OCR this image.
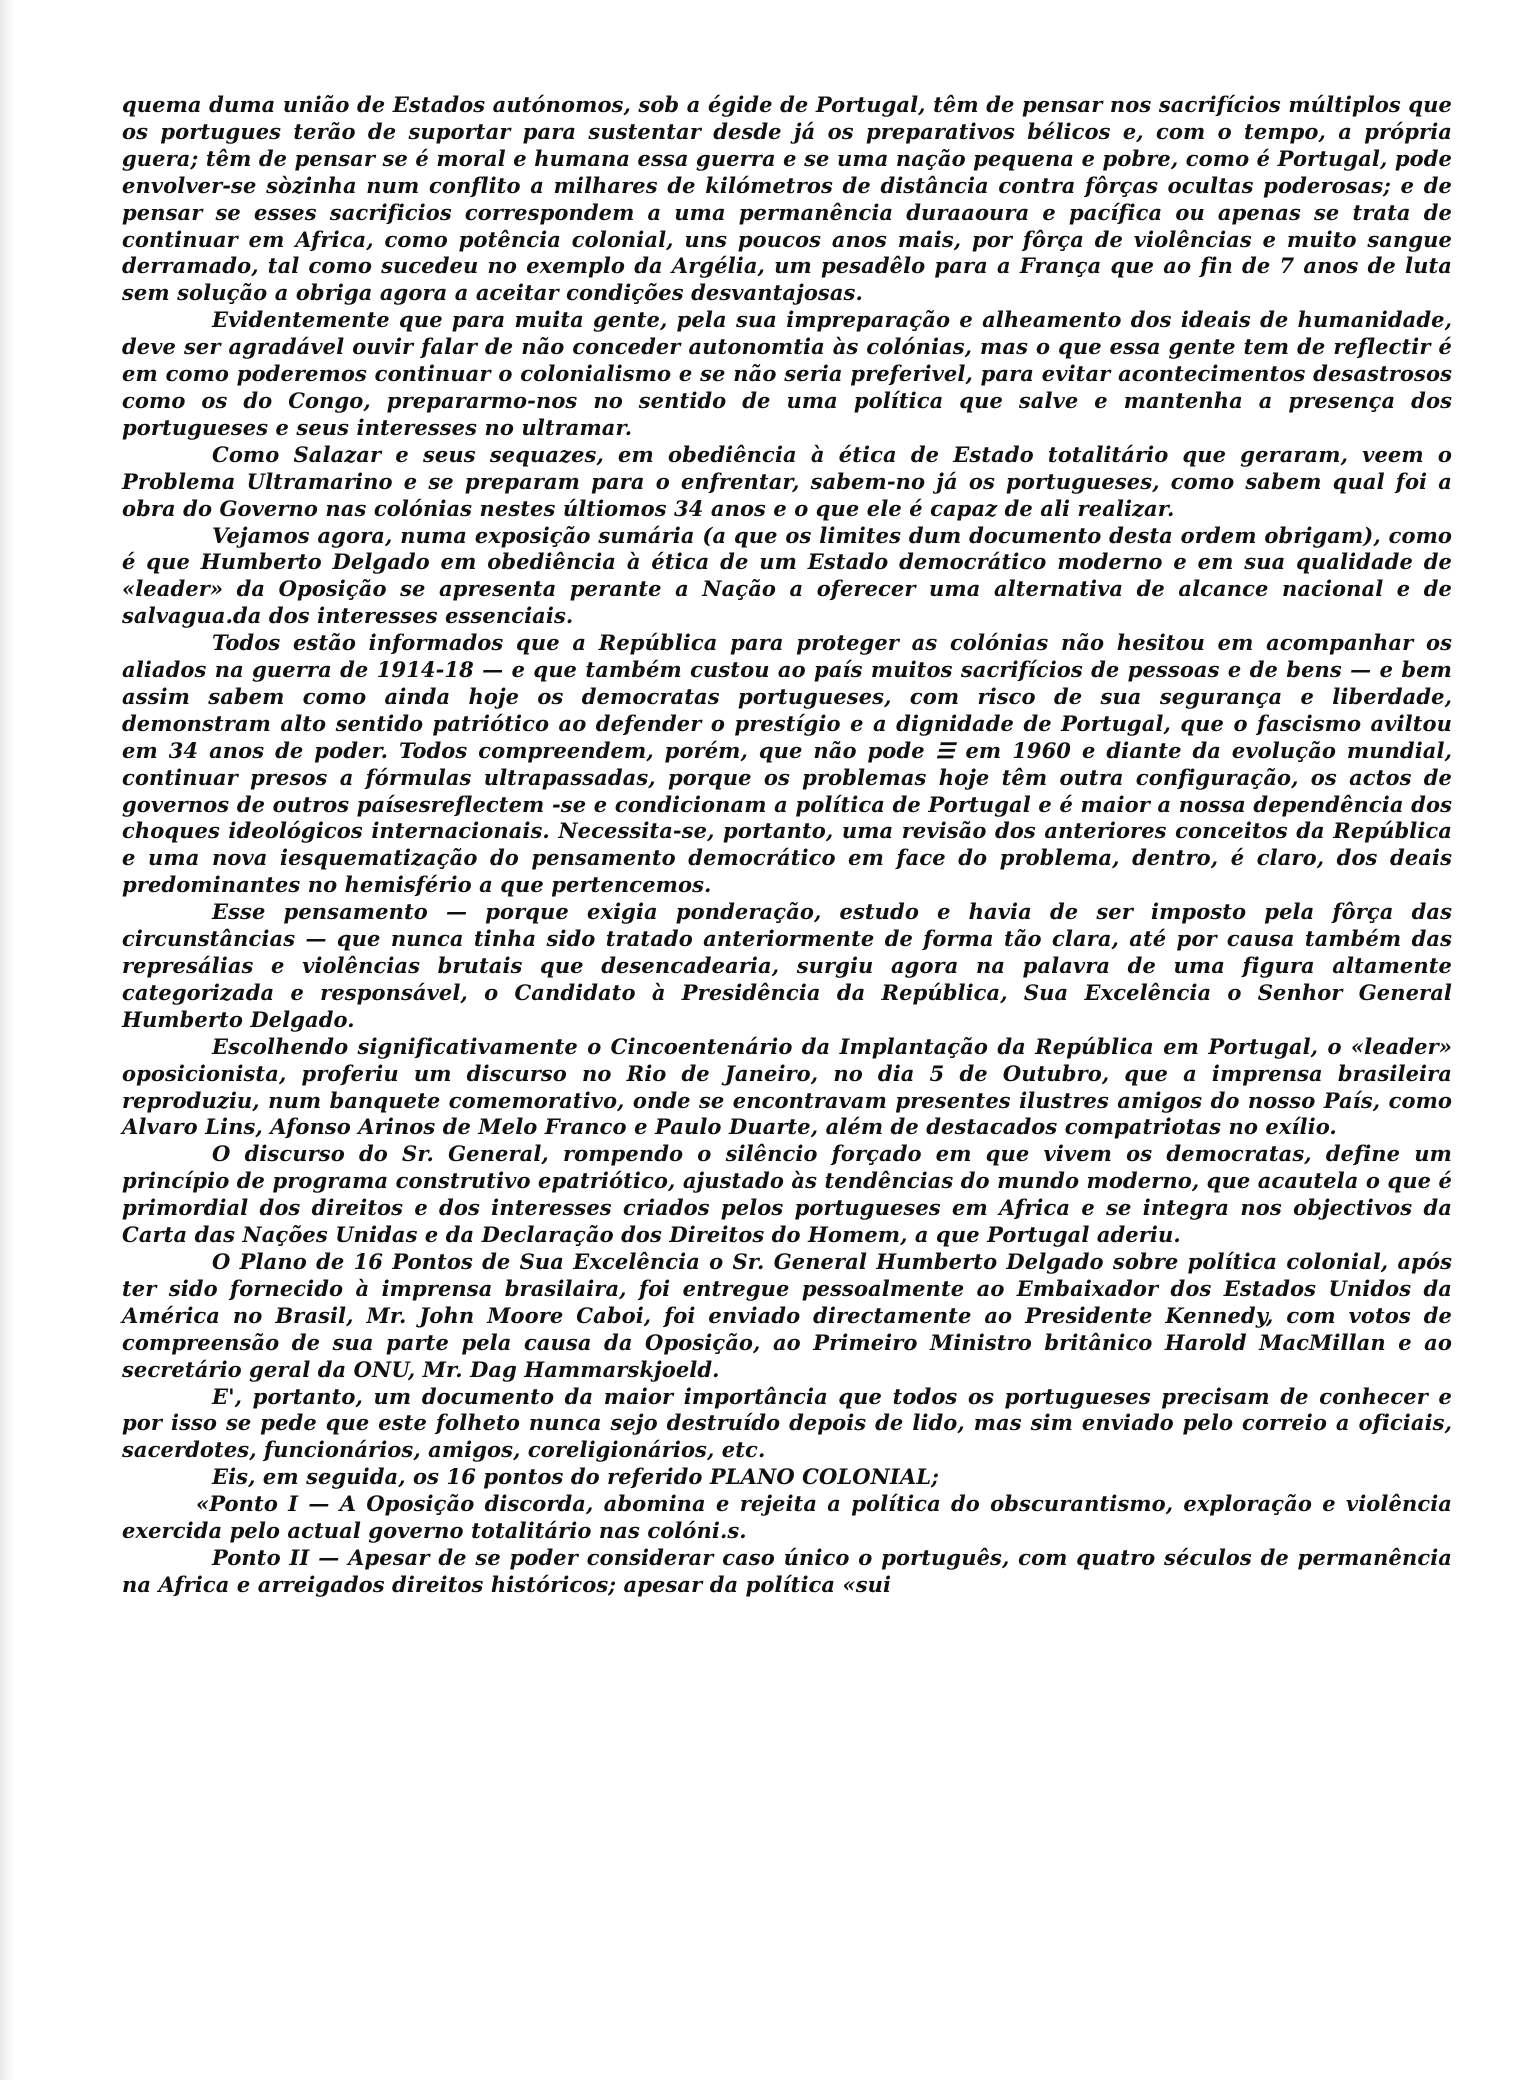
quema duma união de Estados autónomos, sob a égide de Portugal, têm de pensar nos sacrifícios múltiplos que os portugues terão de suportar para sustentar desde já os preparativos bélicos e, com o tempo, a própria guera; têm de pensar se é moral e humana essa guerra e se uma nação pequena e pobre, como é Portugal, pode envolver-se sòzinha num conflito a milhares de kilómetros de distância contra fôrças ocultas poderosas; e de pensar se esses sacrificios correspondem a uma permanência duraaoura e pacífica ou apenas se trata de continuar em Africa, como potência colonial, uns poucos anos mais, por fôrça de violências e muito sangue derramado, tal como sucedeu no exemplo da Argélia, um pesadêlo para a França que ao fin de 7 anos de luta sem solução a obriga agora a aceitar condições desvantajosas.

Evidentemente que para muita gente, pela sua impreparação e alheamento dos ideais de humanidade, deve ser agradável ouvir falar de não conceder autonomtia às colónias, mas o que essa gente tem de reflectir é em como poderemos continuar o colonialismo e se não seria preferivel, para evitar acontecimentos desastrosos como os do Congo, prepararmo-nos no sentido de uma política que salve e mantenha a presença dos portugueses e seus interesses no ultramar.

Como Salazar e seus sequazes, em obediência à ética de Estado totalitário que geraram, veem o Problema Ultramarino e se preparam para o enfrentar, sabem-no já os portugueses, como sabem qual foi a obra do Governo nas colónias nestes últiomos 34 anos e o que ele é capaz de ali realizar.

Vejamos agora, numa exposição sumária (a que os limites dum documento desta ordem obrigam), como é que Humberto Delgado em obediência à ética de um Estado democrático moderno e em sua qualidade de «leader» da Oposição se apresenta perante a Nação a oferecer uma alternativa de alcance nacional e de salvagua.da dos interesses essenciais.

Todos estão informados que a República para proteger as colónias não hesitou em acompanhar os aliados na guerra de 1914-18 — e que também custou ao país muitos sacrifícios de pessoas e de bens — e bem assim sabem como ainda hoje os democratas portugueses, com risco de sua segurança e liberdade, demonstram alto sentido patriótico ao defender o prestígio e a dignidade de Portugal, que o fascismo aviltou em 34 anos de poder. Todos compreendem, porém, que não pode ☰ em 1960 e diante da evolução mundial, continuar presos a fórmulas ultrapassadas, porque os problemas hoje têm outra configuração, os actos de governos de outros paísesreflectem -se e condicionam a política de Portugal e é maior a nossa dependência dos choques ideológicos internacionais. Necessita-se, portanto, uma revisão dos anteriores conceitos da República e uma nova iesquematização do pensamento democrático em face do problema, dentro, é claro, dos deais predominantes no hemisfério a que pertencemos.

Esse pensamento — porque exigia ponderação, estudo e havia de ser imposto pela fôrça das circunstâncias — que nunca tinha sido tratado anteriormente de forma tão clara, até por causa também das represálias e violências brutais que desencadearia, surgiu agora na palavra de uma figura altamente categorizada e responsável, o Candidato à Presidência da República, Sua Excelência o Senhor General Humberto Delgado.

Escolhendo significativamente o Cincoentenário da Implantação da República em Portugal, o «leader» oposicionista, proferiu um discurso no Rio de Janeiro, no dia 5 de Outubro, que a imprensa brasileira reproduziu, num banquete comemorativo, onde se encontravam presentes ilustres amigos do nosso País, como Alvaro Lins, Afonso Arinos de Melo Franco e Paulo Duarte, além de destacados compatriotas no exílio.

O discurso do Sr. General, rompendo o silêncio forçado em que vivem os democratas, define um princípio de programa construtivo epatriótico, ajustado às tendências do mundo moderno, que acautela o que é primordial dos direitos e dos interesses criados pelos portugueses em Africa e se integra nos objectivos da Carta das Nações Unidas e da Declaração dos Direitos do Homem, a que Portugal aderiu.

O Plano de 16 Pontos de Sua Excelência o Sr. General Humberto Delgado sobre política colonial, após ter sido fornecido à imprensa brasilaira, foi entregue pessoalmente ao Embaixador dos Estados Unidos da América no Brasil, Mr. John Moore Caboi, foi enviado directamente ao Presidente Kennedy, com votos de compreensão de sua parte pela causa da Oposição, ao Primeiro Ministro britânico Harold MacMillan e ao secretário geral da ONU, Mr. Dag Hammarskjoeld.

E', portanto, um documento da maior importância que todos os portugueses precisam de conhecer e por isso se pede que este folheto nunca sejo destruído depois de lido, mas sim enviado pelo correio a oficiais, sacerdotes, funcionários, amigos, coreligionários, etc.

Eis, em seguida, os 16 pontos do referido PLANO COLONIAL;

«Ponto I — A Oposição discorda, abomina e rejeita a política do obscurantismo, exploração e violência exercida pelo actual governo totalitário nas colóni.s.

Ponto II — Apesar de se poder considerar caso único o português, com quatro séculos de permanência na Africa e arreigados direitos históricos; apesar da política «sui
